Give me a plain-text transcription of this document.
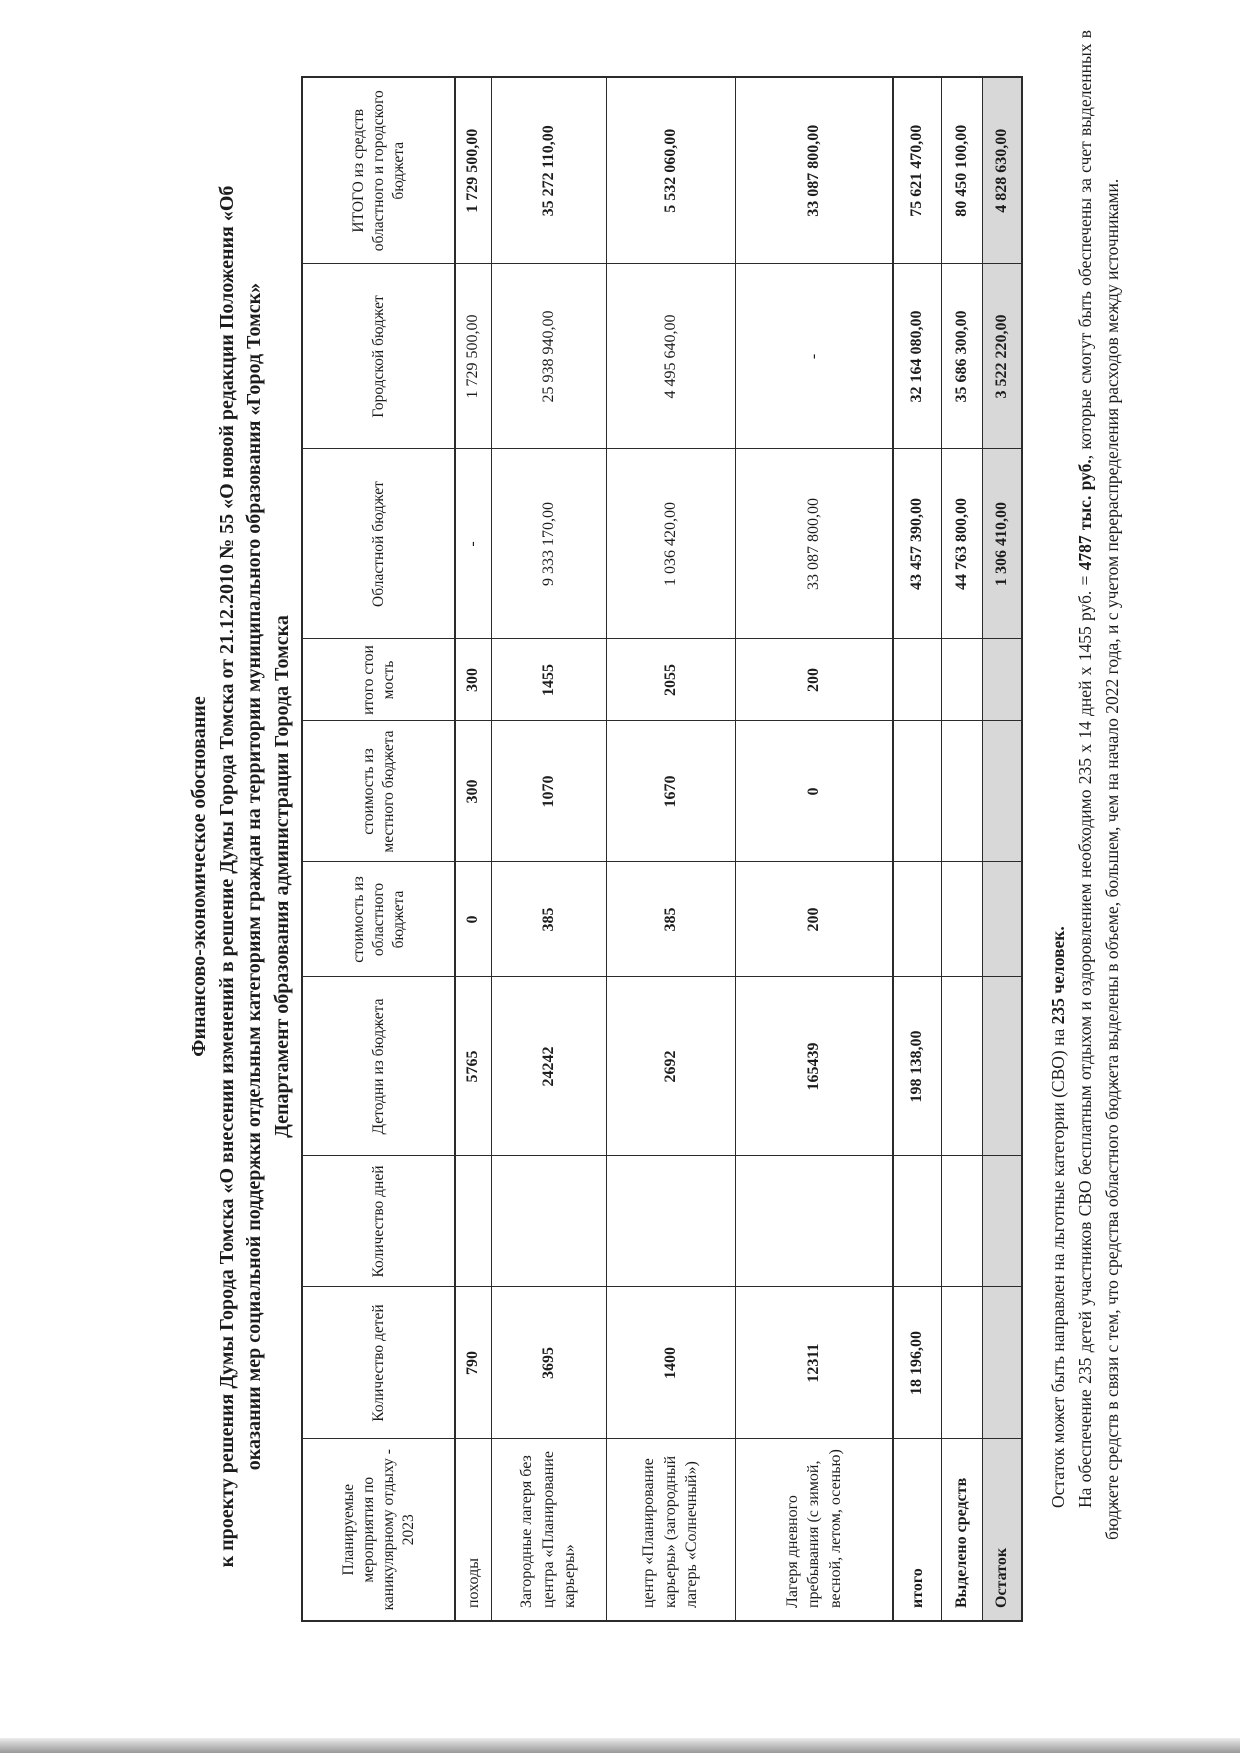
Финансово-экономическое обоснование к проекту решения Думы Города Томска «О внесении изменений в решение Думы Города Томска от 21.12.2010 № 55 «О новой редакции Положения «Об оказании мер социальной поддержки отдельным категориям граждан на территории муниципального образования «Город Томск» Департамент образования администрации Города Томска
Планируемые мероприятия по каникулярному отдыху - 2023	Количество детей	Количество дней	Детодни из бюджета	стоимость из областного бюджета	стоимость из местного бюджета	итого стоимость	Областной бюджет	Городской бюджет	ИТОГО из средств областного и городского бюджета
походы	790		5765	0	300	300	-	1 729 500,00	1 729 500,00
Загородные лагеря без центра «Планирование карьеры»	3695		24242	385	1070	1455	9 333 170,00	25 938 940,00	35 272 110,00
центр «Планирование карьеры» (загородный лагерь «Солнечный»)	1400		2692	385	1670	2055	1 036 420,00	4 495 640,00	5 532 060,00
Лагеря дневного пребывания (с зимой, весной, летом, осенью)	12311		165439	200	0	200	33 087 800,00	-	33 087 800,00
итого	18 196,00		198 138,00				43 457 390,00	32 164 080,00	75 621 470,00
Выделено средств							44 763 800,00	35 686 300,00	80 450 100,00
Остаток							1 306 410,00	3 522 220,00	4 828 630,00

Остаток может быть направлен на льготные категории (СВО) на 235 человек. На обеспечение 235 детей участников СВО бесплатным отдыхом и оздоровлением необходимо 235 х 14 дней х 1455 руб. = 4787 тыс. руб., которые смогут быть обеспечены за счет выделенных в бюджете средств в связи с тем, что средства областного бюджета выделены в объеме, большем, чем на начало 2022 года, и с учетом перераспределения расходов между источниками.
